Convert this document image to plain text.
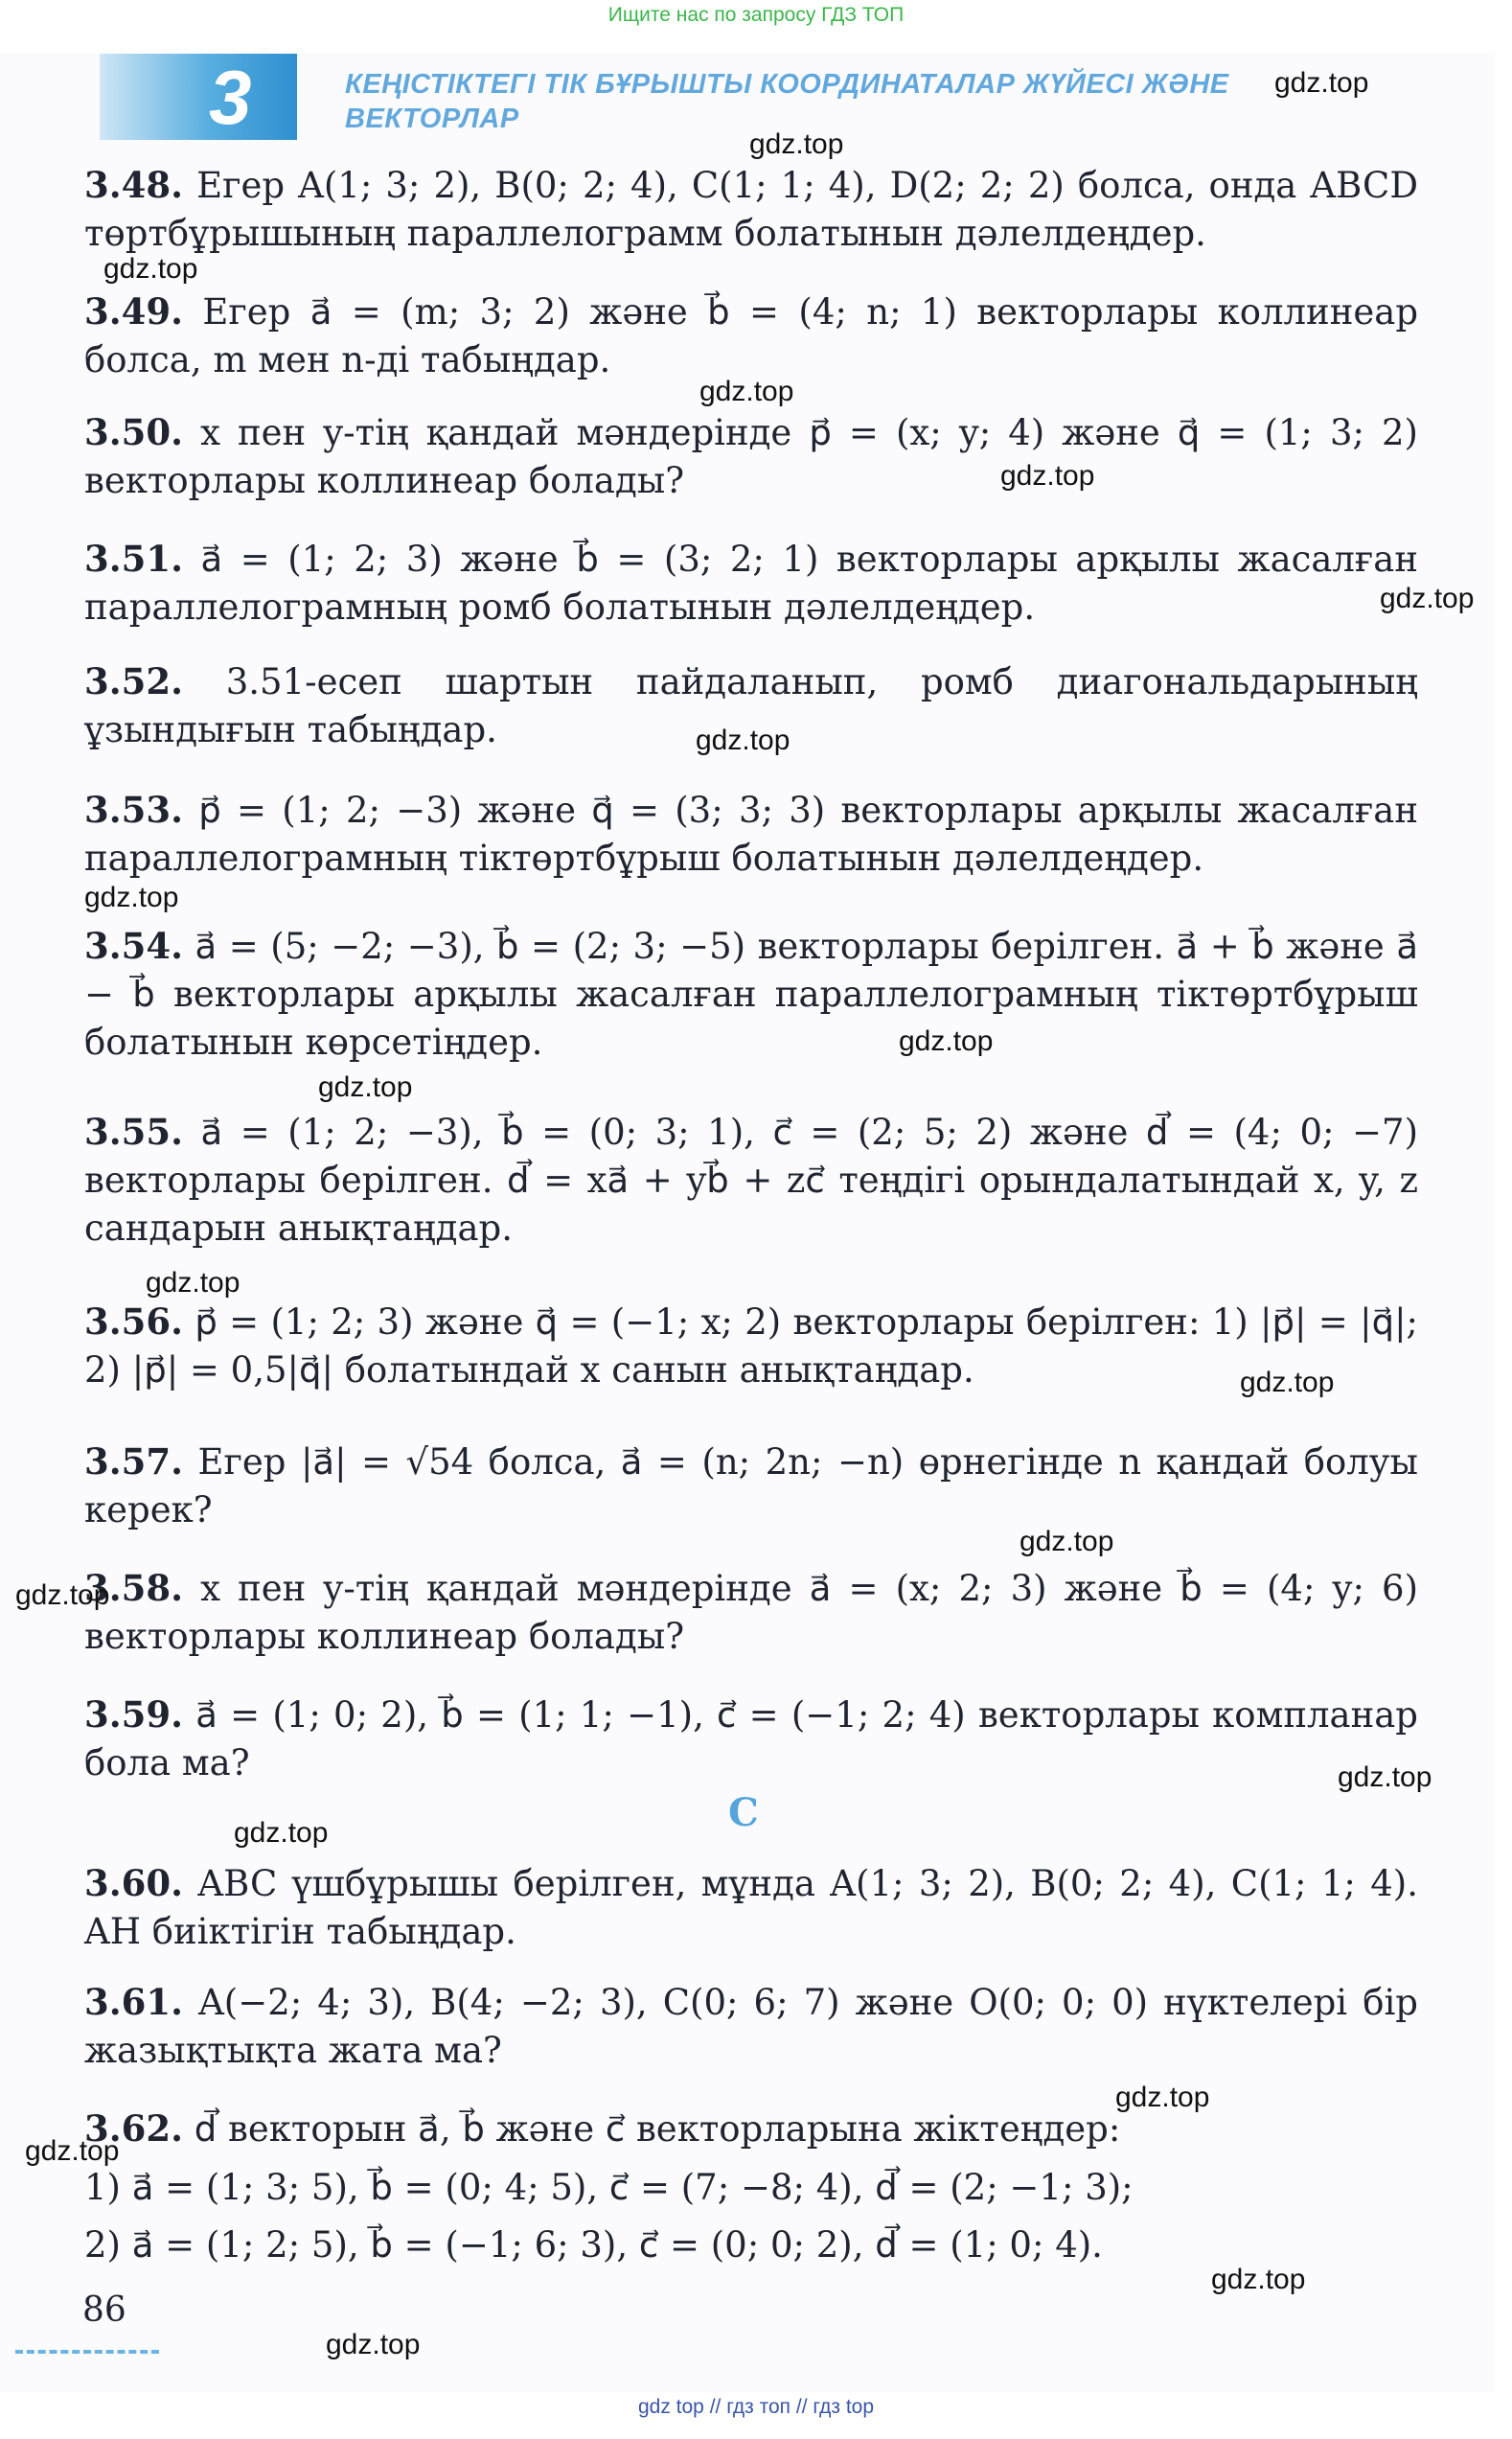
Ищите нас по запросу ГДЗ ТОП
3	КЕҢІСТІКТЕГІ ТІК БҰРЫШТЫ КООРДИНАТАЛАР ЖҮЙЕСІ ЖӘНЕ ВЕКТОРЛАР
3.48. Егер A(1; 3; 2), B(0; 2; 4), C(1; 1; 4), D(2; 2; 2) болса, онда ABCD төртбұрышының параллелограмм болатынын дәлелдеңдер.
3.49. Егер a⃗ = (m; 3; 2) және b⃗ = (4; n; 1) векторлары коллинеар болса, m мен n-ді табыңдар.
3.50. x пен y-тің қандай мәндерінде p⃗ = (x; y; 4) және q⃗ = (1; 3; 2) векторлары коллинеар болады?
3.51. a⃗ = (1; 2; 3) және b⃗ = (3; 2; 1) векторлары арқылы жасалған параллелограмның ромб болатынын дәлелдеңдер.
3.52. 3.51-есеп шартын пайдаланып, ромб диагональдарының ұзындығын табыңдар.
3.53. p⃗ = (1; 2; −3) және q⃗ = (3; 3; 3) векторлары арқылы жасалған параллелограмның тіктөртбұрыш болатынын дәлелдеңдер.
3.54. a⃗ = (5; −2; −3), b⃗ = (2; 3; −5) векторлары берілген. a⃗ + b⃗ және a⃗ − b⃗ векторлары арқылы жасалған параллелограмның тіктөртбұрыш болатынын көрсетіңдер.
3.55. a⃗ = (1; 2; −3), b⃗ = (0; 3; 1), c⃗ = (2; 5; 2) және d⃗ = (4; 0; −7) векторлары берілген. d⃗ = xa⃗ + yb⃗ + zc⃗ теңдігі орындалатындай x, y, z сандарын анықтаңдар.
3.56. p⃗ = (1; 2; 3) және q⃗ = (−1; x; 2) векторлары берілген: 1) |p⃗| = |q⃗|; 2) |p⃗| = 0,5|q⃗| болатындай x санын анықтаңдар.
3.57. Егер |a⃗| = √54 болса, a⃗ = (n; 2n; −n) өрнегінде n қандай болуы керек?
3.58. x пен y-тің қандай мәндерінде a⃗ = (x; 2; 3) және b⃗ = (4; y; 6) векторлары коллинеар болады?
3.59. a⃗ = (1; 0; 2), b⃗ = (1; 1; −1), c⃗ = (−1; 2; 4) векторлары компланар бола ма?
C
3.60. ABC үшбұрышы берілген, мұнда A(1; 3; 2), B(0; 2; 4), C(1; 1; 4). AH биіктігін табыңдар.
3.61. A(−2; 4; 3), B(4; −2; 3), C(0; 6; 7) және O(0; 0; 0) нүктелері бір жазықтықта жата ма?
3.62. d⃗ векторын a⃗, b⃗ және c⃗ векторларына жіктеңдер:
1) a⃗ = (1; 3; 5), b⃗ = (0; 4; 5), c⃗ = (7; −8; 4), d⃗ = (2; −1; 3);
2) a⃗ = (1; 2; 5), b⃗ = (−1; 6; 3), c⃗ = (0; 0; 2), d⃗ = (1; 0; 4).
86
gdz.top
gdz.top
gdz.top
gdz.top
gdz.top
gdz.top
gdz.top
gdz.top
gdz.top
gdz.top
gdz.top
gdz.top
gdz.top
gdz.top
gdz.top
gdz.top
gdz.top
gdz.top
gdz.top
gdz.top
gdz top // гдз топ // гдз top
